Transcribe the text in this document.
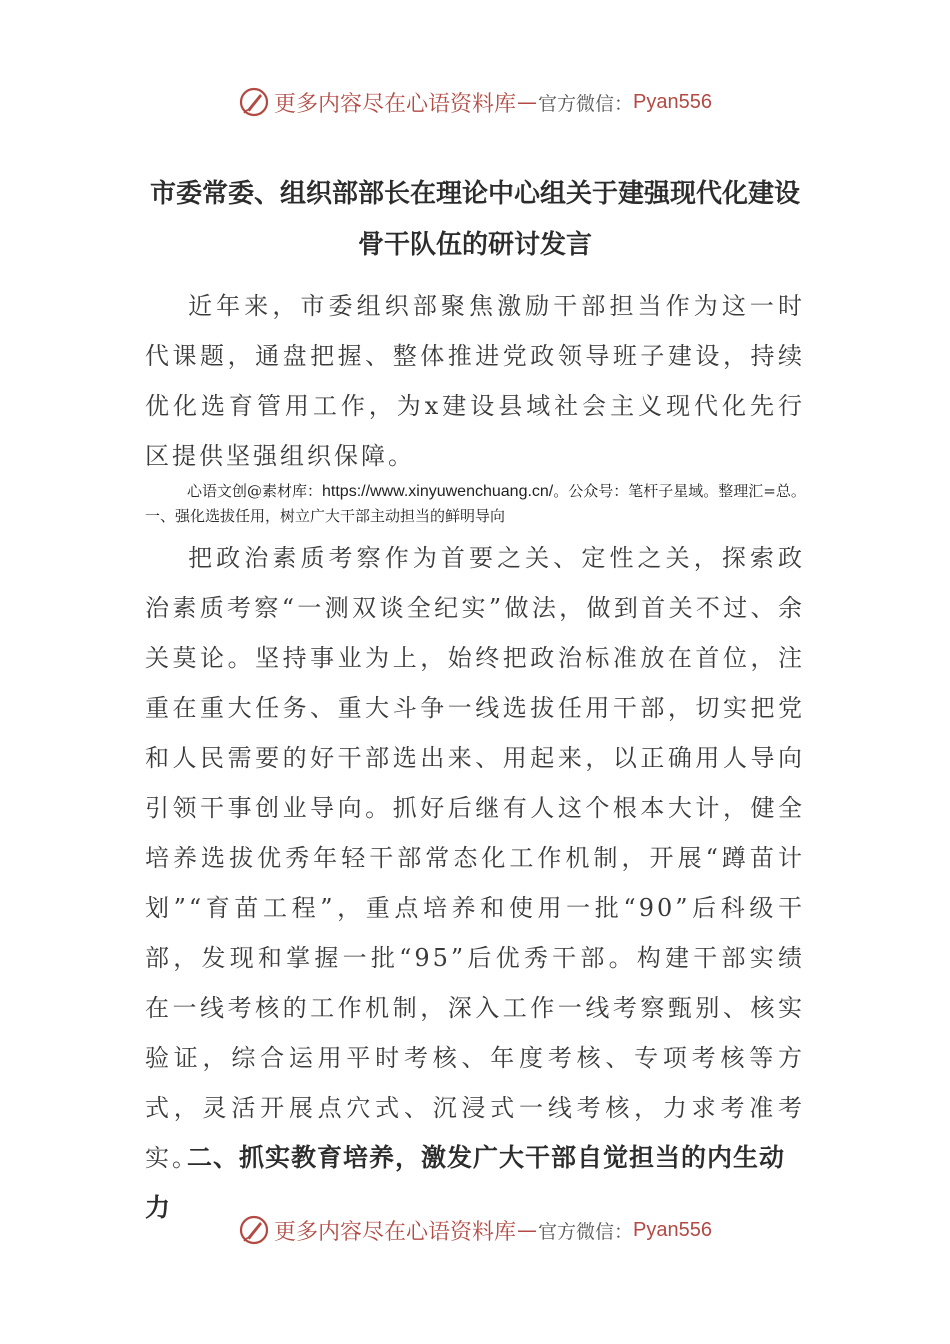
更多内容尽在心语资料库 — 官方微信： Pyan556
市委常委、组织部部长在理论中心组关于建强现代化建设
骨干队伍的研讨发言

近年来，市委组织部聚焦激励干部担当作为这一时代课题，通盘把握、整体推进党政领导班子建设，持续优化选育管用工作，为x建设县域社会主义现代化先行区提供坚强组织保障。

心语文创@素材库：https://www.xinyuwenchuang.cn/。公众号：笔杆子星域。整理汇=总。一、强化选拔任用，树立广大干部主动担当的鲜明导向

把政治素质考察作为首要之关、定性之关，探索政治素质考察“一测双谈全纪实”做法，做到首关不过、余关莫论。坚持事业为上，始终把政治标准放在首位，注重在重大任务、重大斗争一线选拔任用干部，切实把党和人民需要的好干部选出来、用起来，以正确用人导向引领干事创业导向。抓好后继有人这个根本大计，健全培养选拔优秀年轻干部常态化工作机制，开展“蹲苗计划”“育苗工程”，重点培养和使用一批“90”后科级干部，发现和掌握一批“95”后优秀干部。构建干部实绩在一线考核的工作机制，深入工作一线考察甄别、核实验证，综合运用平时考核、年度考核、专项考核等方式，灵活开展点穴式、沉浸式一线考核，力求考准考实。

二、抓实教育培养，激发广大干部自觉担当的内生动力

更多内容尽在心语资料库 — 官方微信： Pyan556
